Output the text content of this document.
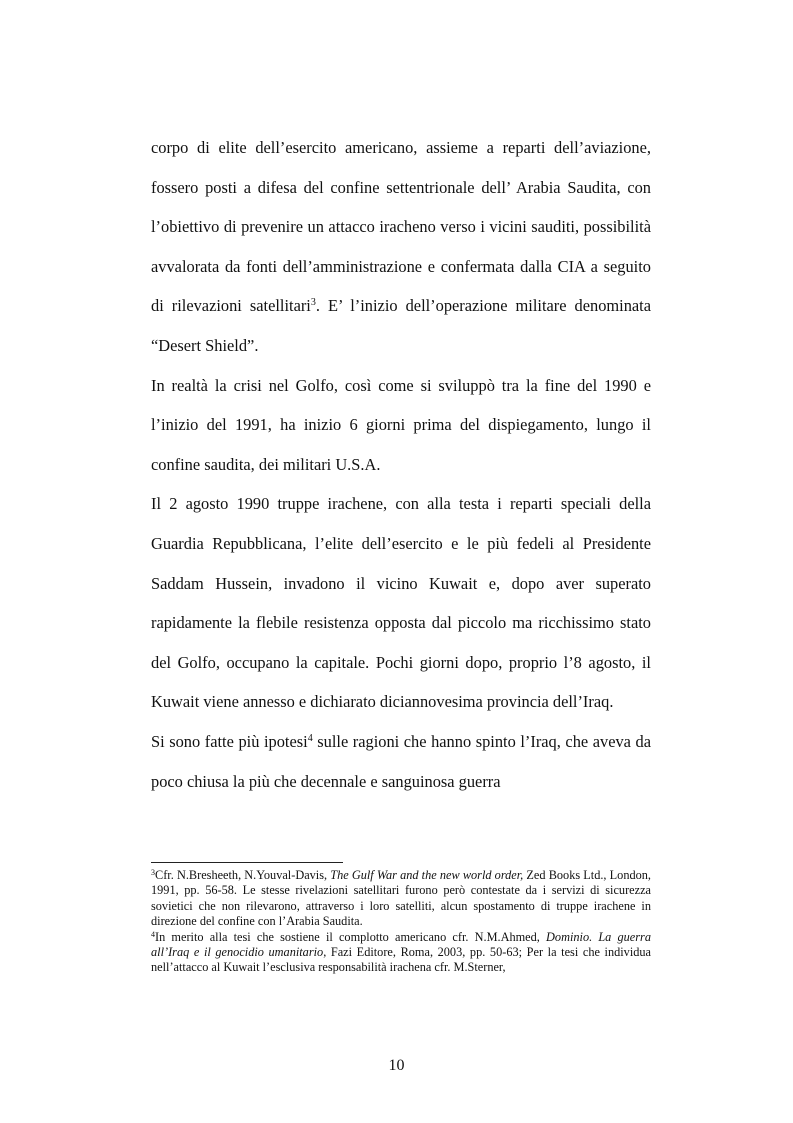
corpo di elite dell’esercito americano, assieme a reparti dell’aviazione, fossero posti a difesa del confine settentrionale dell’ Arabia Saudita, con l’obiettivo di prevenire un attacco iracheno verso i vicini sauditi, possibilità avvalorata da fonti dell’amministrazione e confermata dalla CIA a seguito di rilevazioni satellitari$^3$. E’ l’inizio dell’operazione militare denominata “Desert Shield”.

In realtà la crisi nel Golfo, così come si sviluppò tra la fine del 1990 e l’inizio del 1991, ha inizio 6 giorni prima del dispiegamento, lungo il confine saudita, dei militari U.S.A.

Il 2 agosto 1990 truppe irachene, con alla testa i reparti speciali della Guardia Repubblicana, l’elite dell’esercito e le più fedeli al Presidente Saddam Hussein, invadono il vicino Kuwait e, dopo aver superato rapidamente la flebile resistenza opposta dal piccolo ma ricchissimo stato del Golfo, occupano la capitale. Pochi giorni dopo, proprio l’8 agosto, il Kuwait viene annesso e dichiarato diciannovesima provincia dell’Iraq.

Si sono fatte più ipotesi$^4$ sulle ragioni che hanno spinto l’Iraq, che aveva da poco chiusa la più che decennale e sanguinosa guerra

$^3$Cfr. N.Bresheeth, N.Youval-Davis, The Gulf War and the new world order, Zed Books Ltd., London, 1991, pp. 56-58. Le stesse rivelazioni satellitari furono però contestate da i servizi di sicurezza sovietici che non rilevarono, attraverso i loro satelliti, alcun spostamento di truppe irachene in direzione del confine con l’Arabia Saudita.

$^4$In merito alla tesi che sostiene il complotto americano cfr. N.M.Ahmed, Dominio. La guerra all’Iraq e il genocidio umanitario, Fazi Editore, Roma, 2003, pp. 50-63; Per la tesi che individua nell’attacco al Kuwait l’esclusiva responsabilità irachena cfr. M.Sterner,

10
